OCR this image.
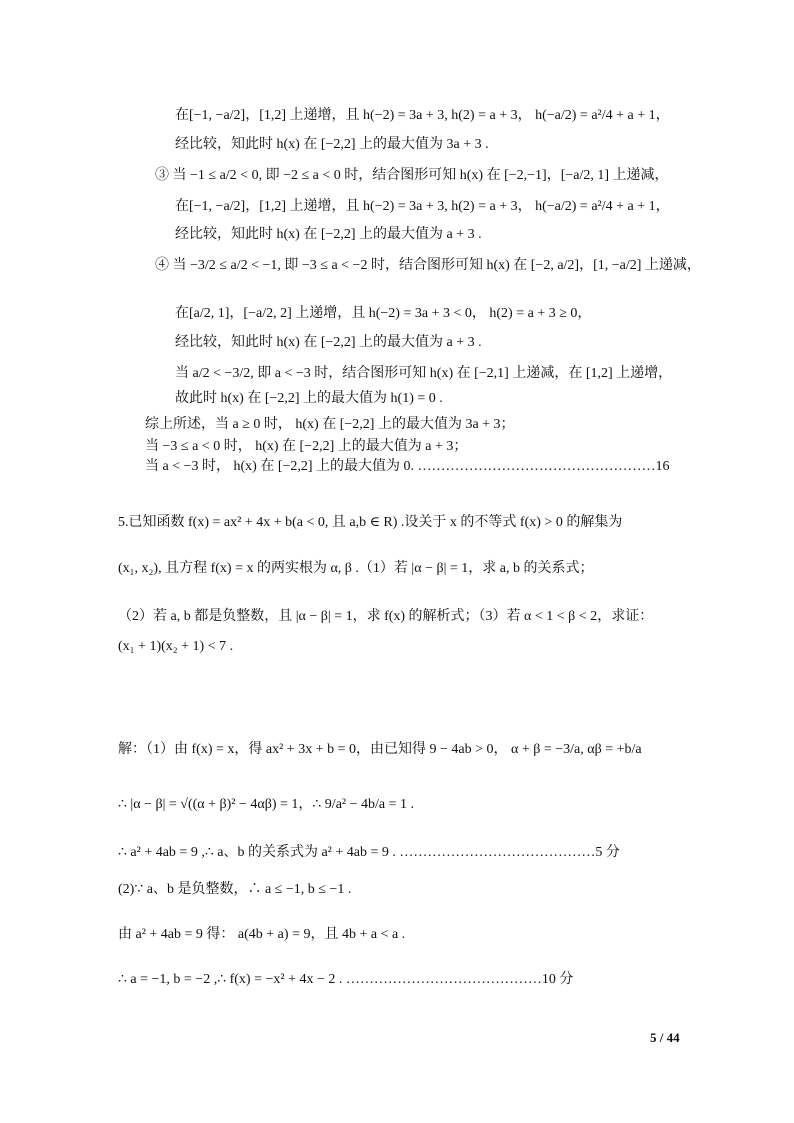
在[−1, −a/2]，[1,2] 上递增，且 h(−2) = 3a + 3, h(2) = a + 3， h(−a/2) = a²/4 + a + 1，
经比较，知此时 h(x) 在 [−2,2] 上的最大值为 3a + 3 .
③ 当 −1 ≤ a/2 < 0, 即 −2 ≤ a < 0 时，结合图形可知 h(x) 在 [−2,−1]，[−a/2, 1] 上递减，
在[−1, −a/2]，[1,2] 上递增，且 h(−2) = 3a + 3, h(2) = a + 3， h(−a/2) = a²/4 + a + 1，
经比较，知此时 h(x) 在 [−2,2] 上的最大值为 a + 3 .
④ 当 −3/2 ≤ a/2 < −1, 即 −3 ≤ a < −2 时，结合图形可知 h(x) 在 [−2, a/2]，[1, −a/2] 上递减，
在[a/2, 1]，[−a/2, 2] 上递增，且 h(−2) = 3a + 3 < 0， h(2) = a + 3 ≥ 0，
经比较，知此时 h(x) 在 [−2,2] 上的最大值为 a + 3 .
当 a/2 < −3/2, 即 a < −3 时，结合图形可知 h(x) 在 [−2,1] 上递减，在 [1,2] 上递增，
故此时 h(x) 在 [−2,2] 上的最大值为 h(1) = 0 .
综上所述，当 a ≥ 0 时， h(x) 在 [−2,2] 上的最大值为 3a + 3；
当 −3 ≤ a < 0 时， h(x) 在 [−2,2] 上的最大值为 a + 3；
当 a < −3 时， h(x) 在 [−2,2] 上的最大值为 0. ……………………………………………16
5.已知函数 f(x) = ax² + 4x + b(a < 0, 且 a,b ∈ R) .设关于 x 的不等式 f(x) > 0 的解集为
(x₁, x₂), 且方程 f(x) = x 的两实根为 α, β .（1）若 |α − β| = 1，求 a, b 的关系式；
（2）若 a, b 都是负整数，且 |α − β| = 1，求 f(x) 的解析式；（3）若 α < 1 < β < 2，求证：
(x₁ + 1)(x₂ + 1) < 7 .
解：（1）由 f(x) = x，得 ax² + 3x + b = 0，由已知得 9 − 4ab > 0， α + β = −3/a, αβ = +b/a
∴ |α − β| = √((α + β)² − 4αβ) = 1，∴ 9/a² − 4b/a = 1 .
∴ a² + 4ab = 9 ,∴ a、b 的关系式为 a² + 4ab = 9 . ……………………………………5 分
(2)∵ a、b 是负整数，∴ a ≤ −1, b ≤ −1 .
由 a² + 4ab = 9 得： a(4b + a) = 9，且 4b + a < a .
∴ a = −1, b = −2 ,∴ f(x) = −x² + 4x − 2 . ……………………………………10 分
5 / 44
